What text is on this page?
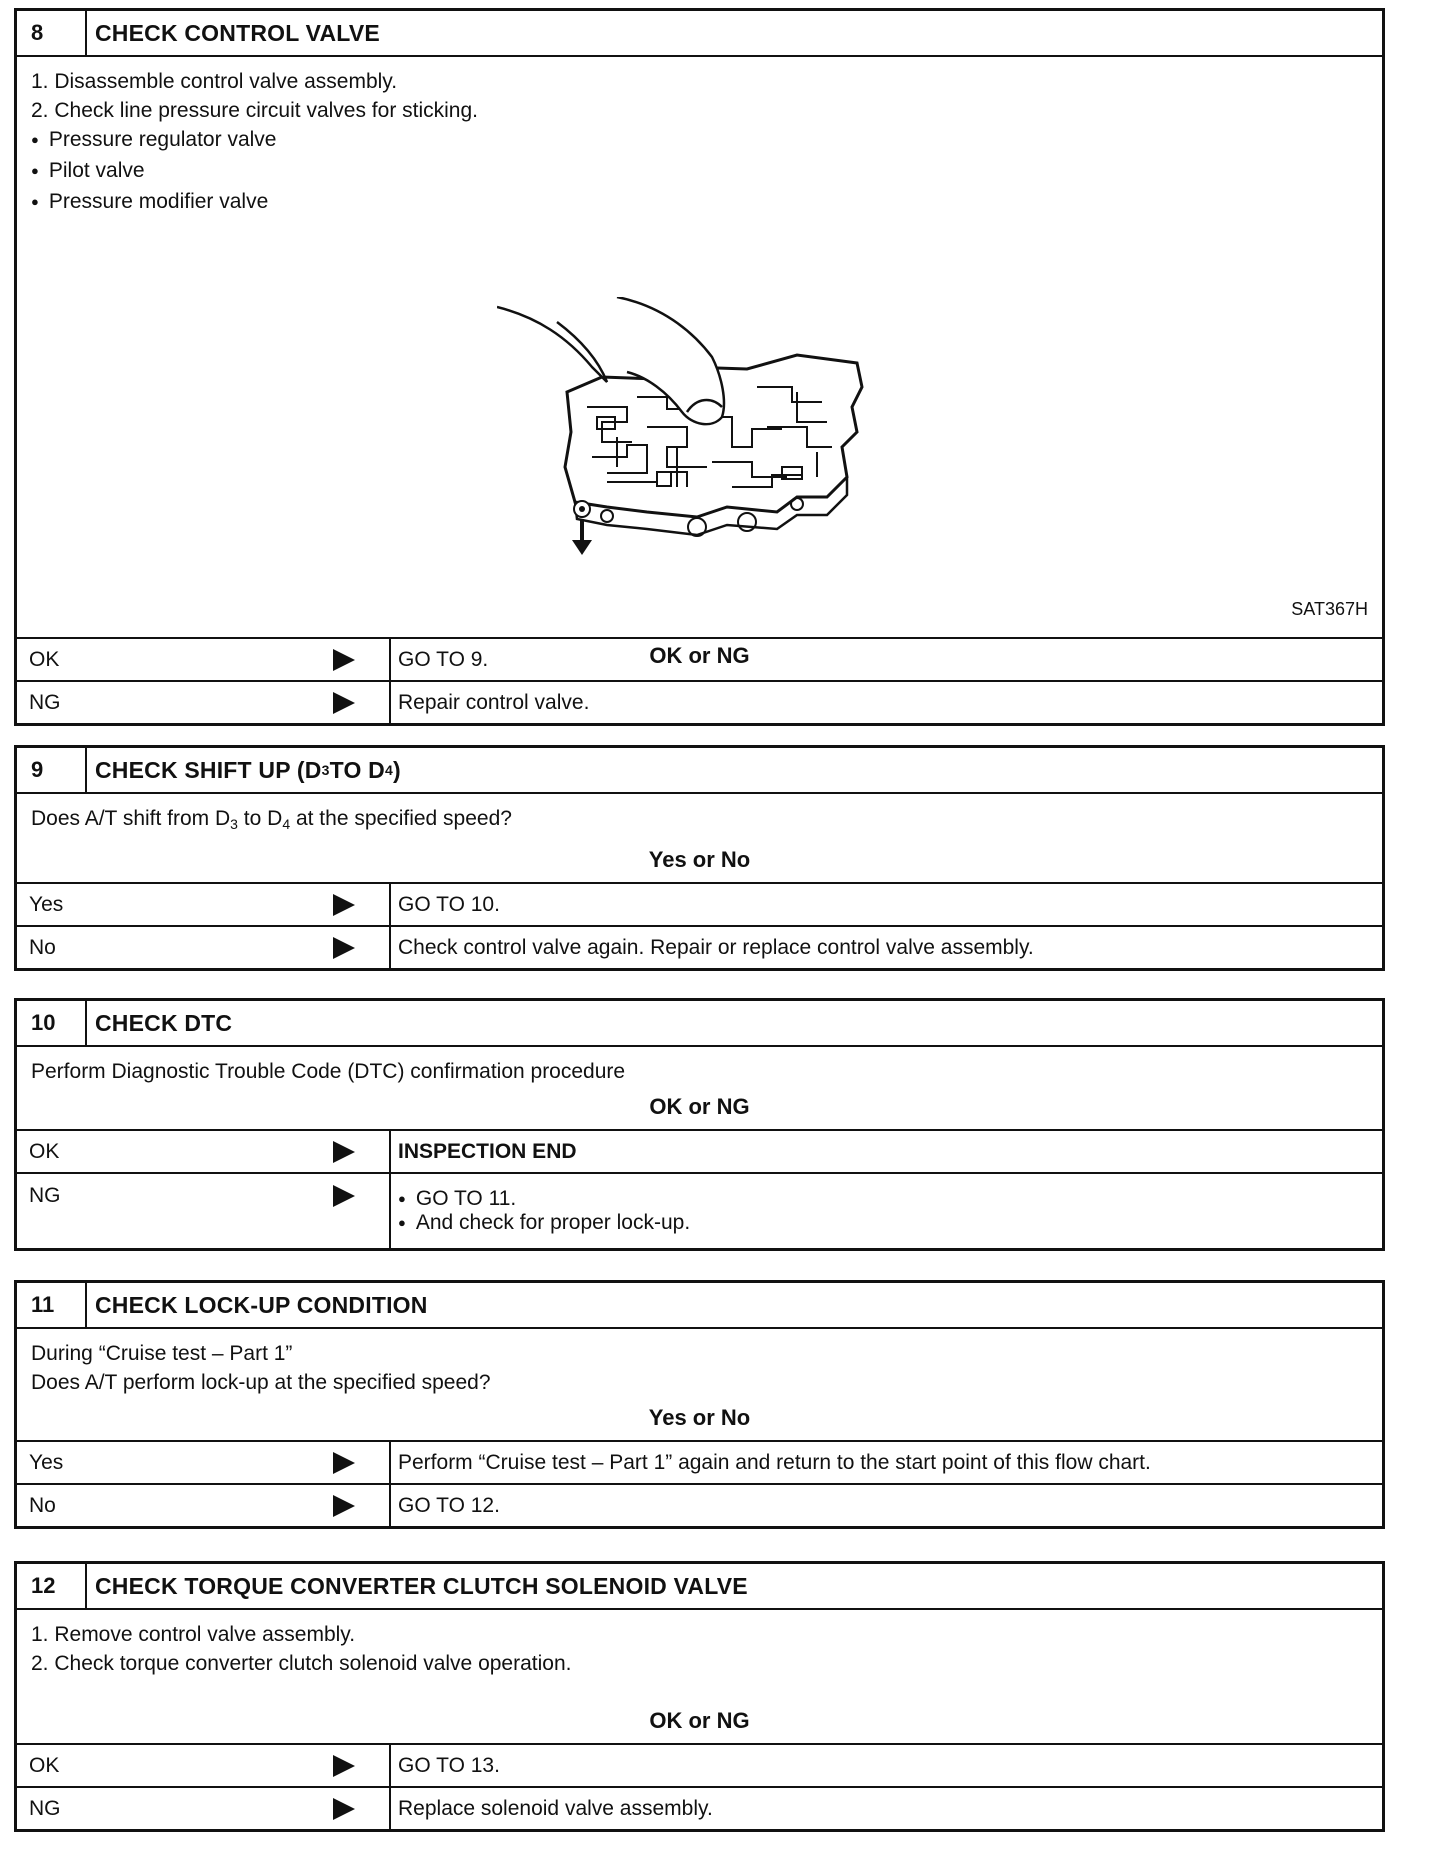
8	CHECK CONTROL VALVE

1. Disassemble control valve assembly.

2. Check line pressure circuit valves for sticking.

● Pressure regulator valve

● Pilot valve

● Pressure modifier valve

SAT367H
OK or NG
OK	GO TO 9.
NG	Repair control valve.
9	CHECK SHIFT UP (D 3 TO D 4 )

Does A/T shift from $D_3$ to $D_4$ at the specified speed?

Yes or No
Yes	GO TO 10.
No	Check control valve again. Repair or replace control valve assembly.
10	CHECK DTC

Perform Diagnostic Trouble Code (DTC) confirmation procedure

OK or NG
OK	INSPECTION END
NG
●	GO TO 11.
● And check for proper lock-up.
11	CHECK LOCK-UP CONDITION

During “Cruise test – Part 1”

Does A/T perform lock-up at the specified speed?

Yes or No
Yes	Perform “Cruise test – Part 1” again and return to the start point of this flow chart.
No	GO TO 12.
12	CHECK TORQUE CONVERTER CLUTCH SOLENOID VALVE

1. Remove control valve assembly.

2. Check torque converter clutch solenoid valve operation.

OK or NG
OK	GO TO 13.
NG	Replace solenoid valve assembly.
